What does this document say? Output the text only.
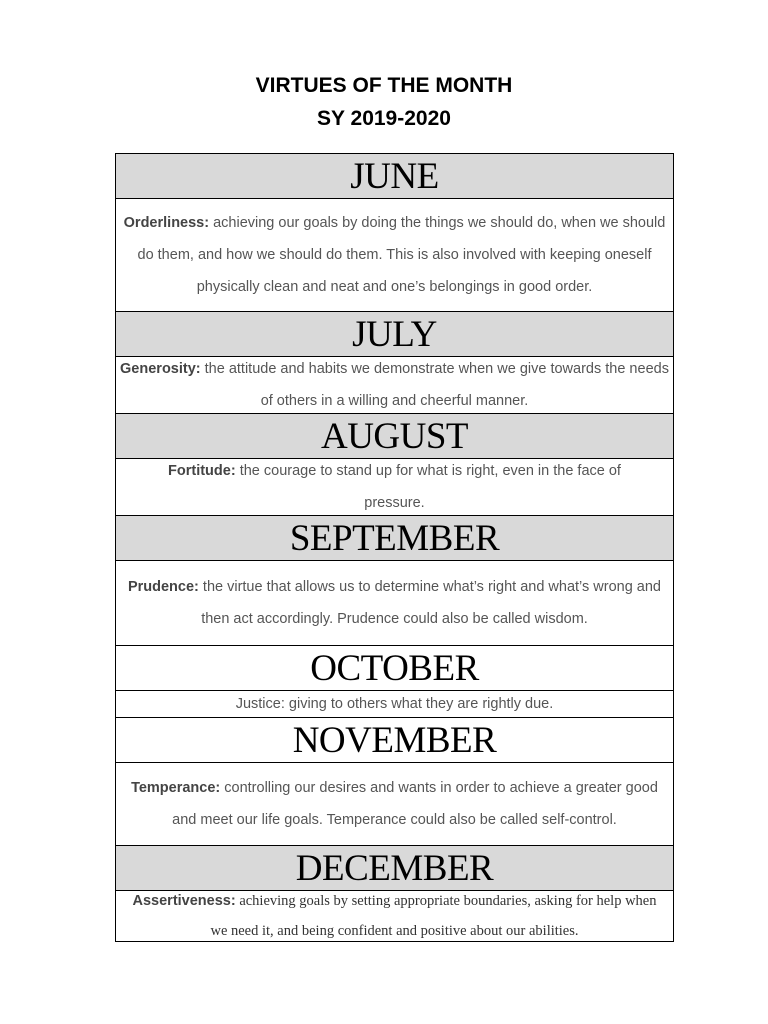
VIRTUES OF THE MONTH
SY 2019-2020
JUNE
Orderliness: achieving our goals by doing the things we should do, when we should do them, and how we should do them. This is also involved with keeping oneself physically clean and neat and one’s belongings in good order.
JULY
Generosity: the attitude and habits we demonstrate when we give towards the needs of others in a willing and cheerful manner.
AUGUST
Fortitude: the courage to stand up for what is right, even in the face of pressure.
SEPTEMBER
Prudence: the virtue that allows us to determine what’s right and what’s wrong and then act accordingly. Prudence could also be called wisdom.
OCTOBER
Justice: giving to others what they are rightly due.
NOVEMBER
Temperance: controlling our desires and wants in order to achieve a greater good and meet our life goals. Temperance could also be called self-control.
DECEMBER
Assertiveness: achieving goals by setting appropriate boundaries, asking for help when we need it, and being confident and positive about our abilities.
